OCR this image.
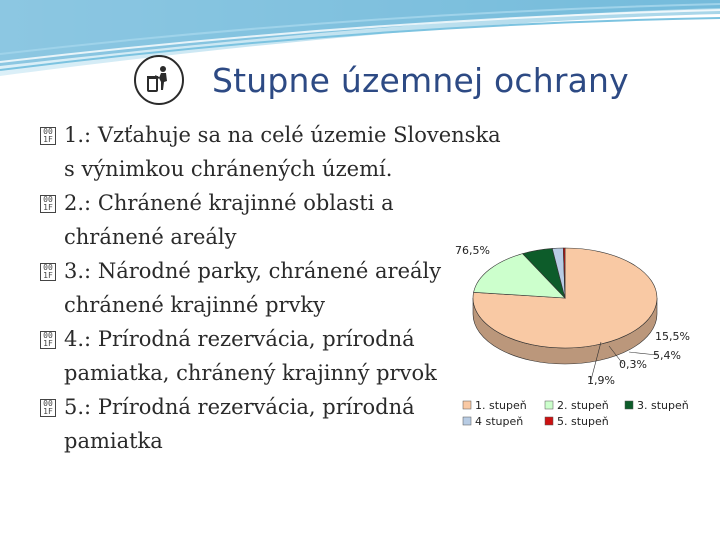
Stupne územnej ochrany
00
1F 1.: Vzťahuje sa na celé územie Slovenska
s výnimkou chránených území.
00
1F 2.: Chránené krajinné oblasti a
chránené areály
00
1F 3.: Národné parky, chránené areály
chránené krajinné prvky
00
1F 4.: Prírodná rezervácia, prírodná
pamiatka, chránený krajinný prvok
00
1F 5.: Prírodná rezervácia, prírodná
pamiatka
76,5%
15,5%
5,4%
1,9%
0,3%
1. stupeň	2. stupeň	3. stupeň
4 stupeň	5. stupeň
